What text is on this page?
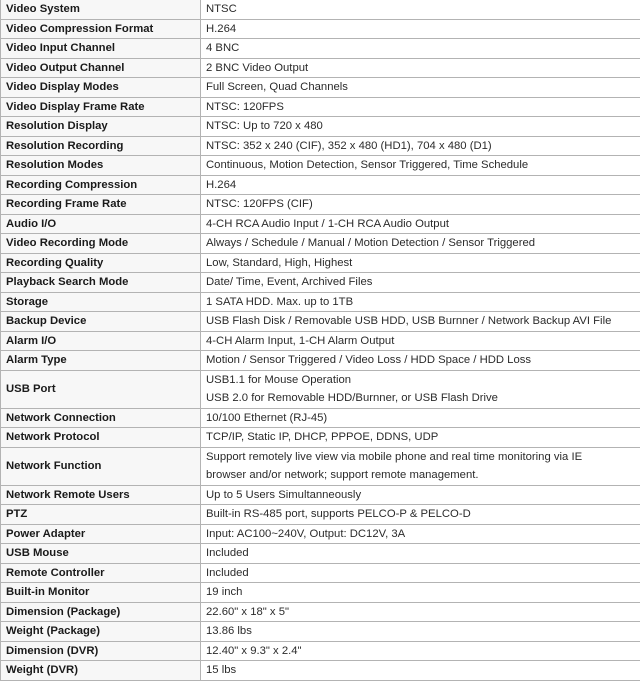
Video System	NTSC

Video Compression Format	H.264

Video Input Channel	4 BNC

Video Output Channel	2 BNC Video Output

Video Display Modes	Full Screen, Quad Channels

Video Display Frame Rate	NTSC: 120FPS

Resolution Display	NTSC: Up to 720 x 480

Resolution Recording	NTSC: 352 x 240 (CIF), 352 x 480 (HD1), 704 x 480 (D1)

Resolution Modes	Continuous, Motion Detection, Sensor Triggered, Time Schedule

Recording Compression	H.264

Recording Frame Rate	NTSC: 120FPS (CIF)

Audio I/O	4-CH RCA Audio Input / 1-CH RCA Audio Output

Video Recording Mode	Always / Schedule / Manual / Motion Detection / Sensor Triggered

Recording Quality	Low, Standard, High, Highest

Playback Search Mode	Date/ Time, Event, Archived Files

Storage	1 SATA HDD. Max. up to 1TB

Backup Device	USB Flash Disk / Removable USB HDD, USB Burnner / Network Backup AVI File

Alarm I/O	4-CH Alarm Input, 1-CH Alarm Output

Alarm Type	Motion / Sensor Triggered / Video Loss / HDD Space / HDD Loss

USB Port	USB1.1 for Mouse Operation
USB 2.0 for Removable HDD/Burnner, or USB Flash Drive

Network Connection	10/100 Ethernet (RJ-45)

Network Protocol	TCP/IP, Static IP, DHCP, PPPOE, DDNS, UDP

Network Function	Support remotely live view via mobile phone and real time monitoring via IE
browser and/or network; support remote management.

Network Remote Users	Up to 5 Users Simultanneously

PTZ	Built-in RS-485 port, supports PELCO-P & PELCO-D

Power Adapter	Input: AC100~240V, Output: DC12V, 3A

USB Mouse	Included

Remote Controller	Included

Built-in Monitor	19 inch

Dimension (Package)	22.60" x 18" x 5"

Weight (Package)	13.86 lbs

Dimension (DVR)	12.40" x 9.3" x 2.4"

Weight (DVR)	15 lbs
